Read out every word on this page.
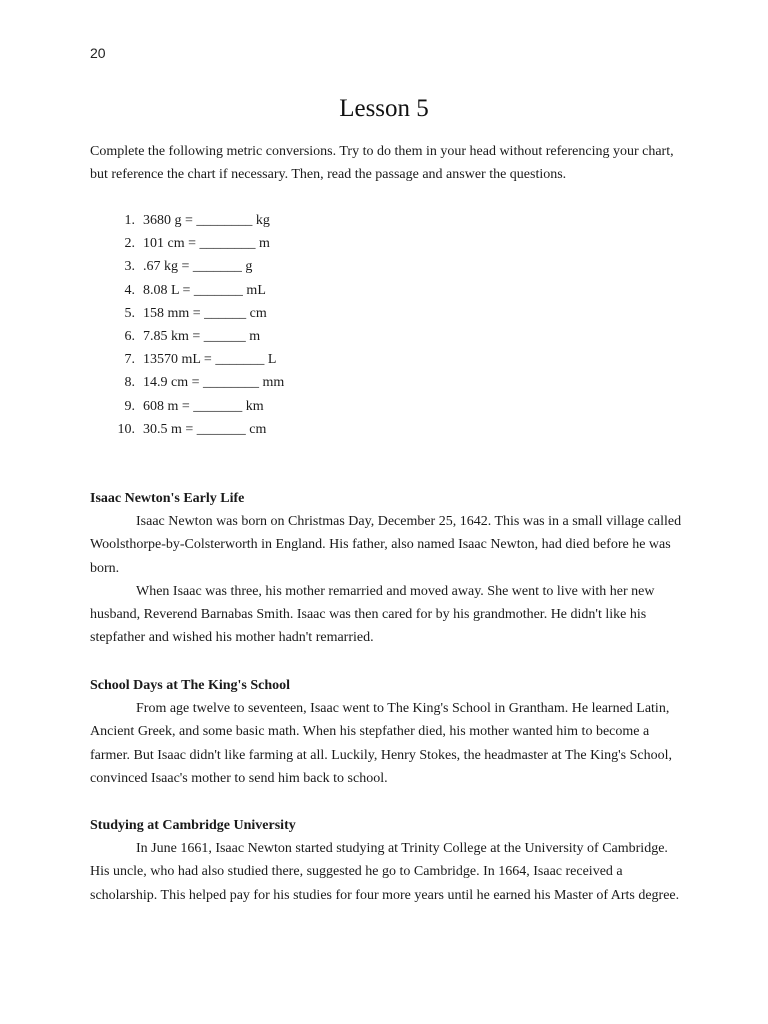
20
Lesson 5

Complete the following metric conversions. Try to do them in your head without referencing your chart, but reference the chart if necessary. Then, read the passage and answer the questions.

1. 3680 g = ________ kg
2. 101 cm = ________ m
3. .67 kg = _______ g
4. 8.08 L = _______ mL
5. 158 mm = ______ cm
6. 7.85 km = ______ m
7. 13570 mL = _______ L
8. 14.9 cm = ________ mm
9. 608 m = _______ km
10. 30.5 m = _______ cm
Isaac Newton's Early Life

Isaac Newton was born on Christmas Day, December 25, 1642. This was in a small village called Woolsthorpe-by-Colsterworth in England. His father, also named Isaac Newton, had died before he was born.

When Isaac was three, his mother remarried and moved away. She went to live with her new husband, Reverend Barnabas Smith. Isaac was then cared for by his grandmother. He didn't like his stepfather and wished his mother hadn't remarried.

School Days at The King's School

From age twelve to seventeen, Isaac went to The King's School in Grantham. He learned Latin, Ancient Greek, and some basic math. When his stepfather died, his mother wanted him to become a farmer. But Isaac didn't like farming at all. Luckily, Henry Stokes, the headmaster at The King's School, convinced Isaac's mother to send him back to school.

Studying at Cambridge University

In June 1661, Isaac Newton started studying at Trinity College at the University of Cambridge. His uncle, who had also studied there, suggested he go to Cambridge. In 1664, Isaac received a scholarship. This helped pay for his studies for four more years until he earned his Master of Arts degree.
